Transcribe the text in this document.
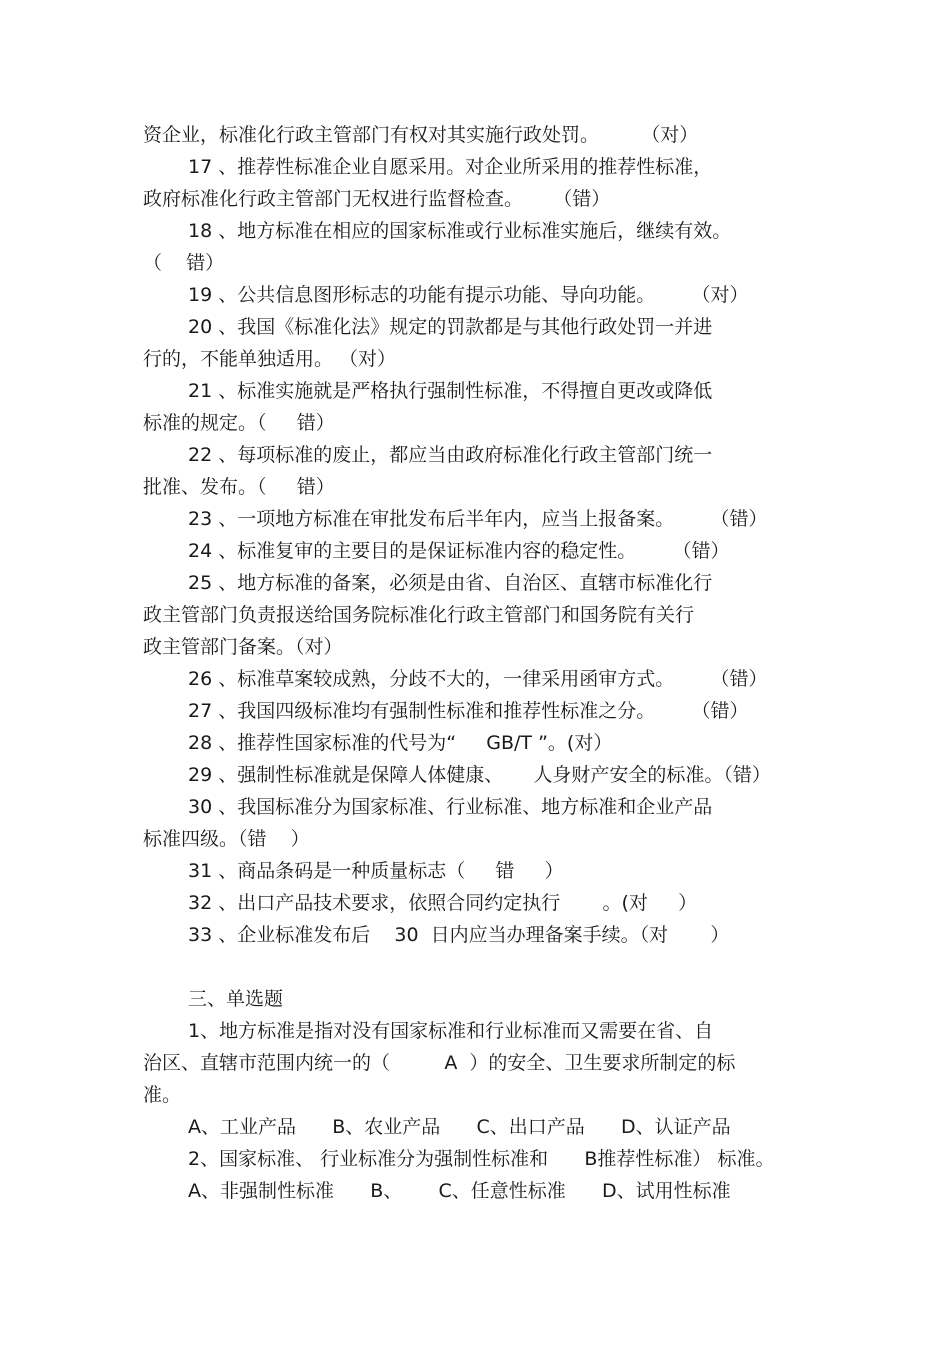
资企业，标准化行政主管部门有权对其实施行政处罚。       （对）

17 、推荐性标准企业自愿采用。对企业所采用的推荐性标准，

政府标准化行政主管部门无权进行监督检查。     （错）

18 、地方标准在相应的国家标准或行业标准实施后，继续有效。

（    错）

19 、公共信息图形标志的功能有提示功能、导向功能。      （对）

20 、我国《标准化法》规定的罚款都是与其他行政处罚一并进

行的，不能单独适用。 （对）

21 、标准实施就是严格执行强制性标准，不得擅自更改或降低

标准的规定。（     错）

22 、每项标准的废止，都应当由政府标准化行政主管部门统一

批准、发布。（     错）

23 、一项地方标准在审批发布后半年内，应当上报备案。      （错）

24 、标准复审的主要目的是保证标准内容的稳定性。      （错）

25 、地方标准的备案，必须是由省、自治区、直辖市标准化行

政主管部门负责报送给国务院标准化行政主管部门和国务院有关行

政主管部门备案。（对）

26 、标准草案较成熟，分歧不大的，一律采用函审方式。      （错）

27 、我国四级标准均有强制性标准和推荐性标准之分。      （错）

28 、推荐性国家标准的代号为“     GB/T ”。(对）

29 、强制性标准就是保障人体健康、     人身财产安全的标准。（错）

30 、我国标准分为国家标准、行业标准、地方标准和企业产品

标准四级。（错    ）

31 、商品条码是一种质量标志（     错     ）

32 、出口产品技术要求，依照合同约定执行       。(对     ）

33 、企业标准发布后    30  日内应当办理备案手续。（对       ）

三、单选题

1、地方标准是指对没有国家标准和行业标准而又需要在省、自

治区、直辖市范围内统一的（         A  ）的安全、卫生要求所制定的标

准。

A、工业产品      B、农业产品      C、出口产品      D、认证产品

2、国家标准、 行业标准分为强制性标准和      B推荐性标准） 标准。

A、非强制性标准      B、      C、任意性标准      D、试用性标准
